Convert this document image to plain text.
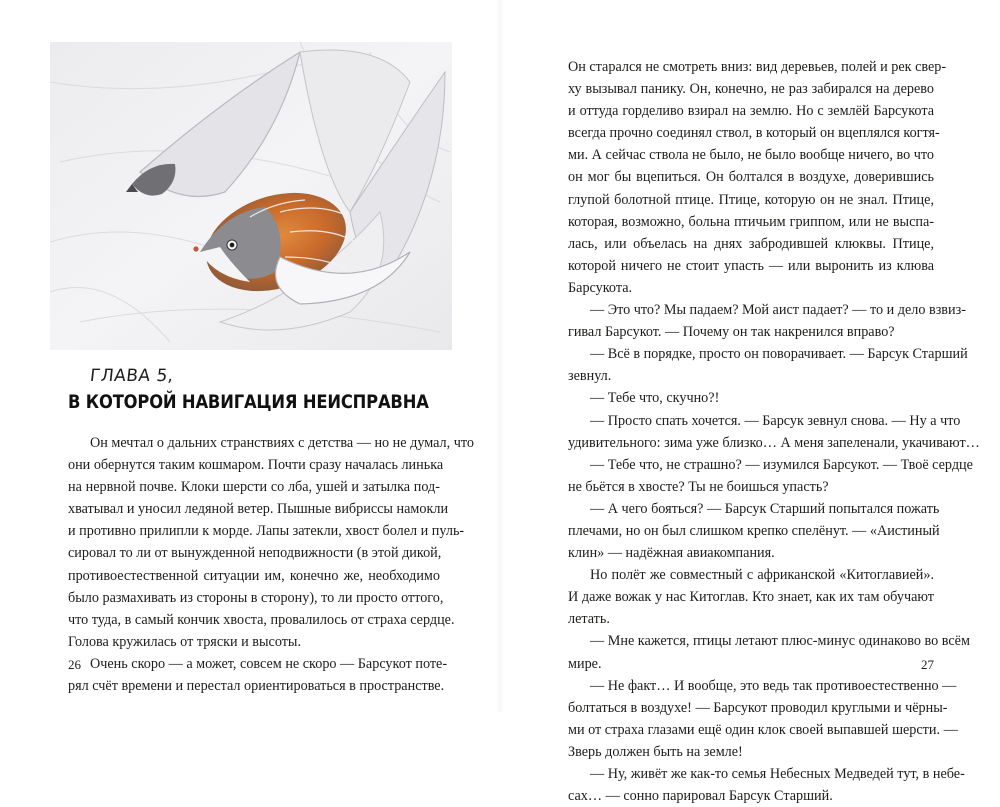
ГЛАВА 5,
В КОТОРОЙ НАВИГАЦИЯ НЕИСПРАВНА
Он мечтал о дальних странствиях с детства — но не думал, что
они обернутся таким кошмаром. Почти сразу началась линька
на нервной почве. Клоки шерсти со лба, ушей и затылка под-
хватывал и уносил ледяной ветер. Пышные вибриссы намокли
и противно прилипли к морде. Лапы затекли, хвост болел и пуль-
сировал то ли от вынужденной неподвижности (в этой дикой,
противоестественной ситуации им, конечно же, необходимо
было размахивать из стороны в сторону), то ли просто оттого,
что туда, в самый кончик хвоста, провалилось от страха сердце.
Голова кружилась от тряски и высоты.
Очень скоро — а может, совсем не скоро — Барсукот поте-
рял счёт времени и перестал ориентироваться в пространстве.
26
Он старался не смотреть вниз: вид деревьев, полей и рек свер-
ху вызывал панику. Он, конечно, не раз забирался на дерево
и оттуда горделиво взирал на землю. Но с землёй Барсукота
всегда прочно соединял ствол, в который он вцеплялся когтя-
ми. А сейчас ствола не было, не было вообще ничего, во что
он мог бы вцепиться. Он болтался в воздухе, доверившись
глупой болотной птице. Птице, которую он не знал. Птице,
которая, возможно, больна птичьим гриппом, или не выспа-
лась, или объелась на днях забродившей клюквы. Птице,
которой ничего не стоит упасть — или выронить из клюва
Барсукота.
— Это что? Мы падаем? Мой аист падает? — то и дело взвиз-
гивал Барсукот. — Почему он так накренился вправо?
— Всё в порядке, просто он поворачивает. — Барсук Старший
зевнул.
— Тебе что, скучно?!
— Просто спать хочется. — Барсук зевнул снова. — Ну а что
удивительного: зима уже близко… А меня запеленали, укачивают…
— Тебе что, не страшно? — изумился Барсукот. — Твоё сердце
не бьётся в хвосте? Ты не боишься упасть?
— А чего бояться? — Барсук Старший попытался пожать
плечами, но он был слишком крепко спелёнут. — «Аистиный
клин» — надёжная авиакомпания.
Но полёт же совместный с африканской «Китоглавией».
И даже вожак у нас Китоглав. Кто знает, как их там обучают
летать.
— Мне кажется, птицы летают плюс-минус одинаково во всём
мире.
— Не факт… И вообще, это ведь так противоестественно —
болтаться в воздухе! — Барсукот проводил круглыми и чёрны-
ми от страха глазами ещё один клок своей выпавшей шерсти. —
Зверь должен быть на земле!
— Ну, живёт же как-то семья Небесных Медведей тут, в небе-
сах… — сонно парировал Барсук Старший.
27
